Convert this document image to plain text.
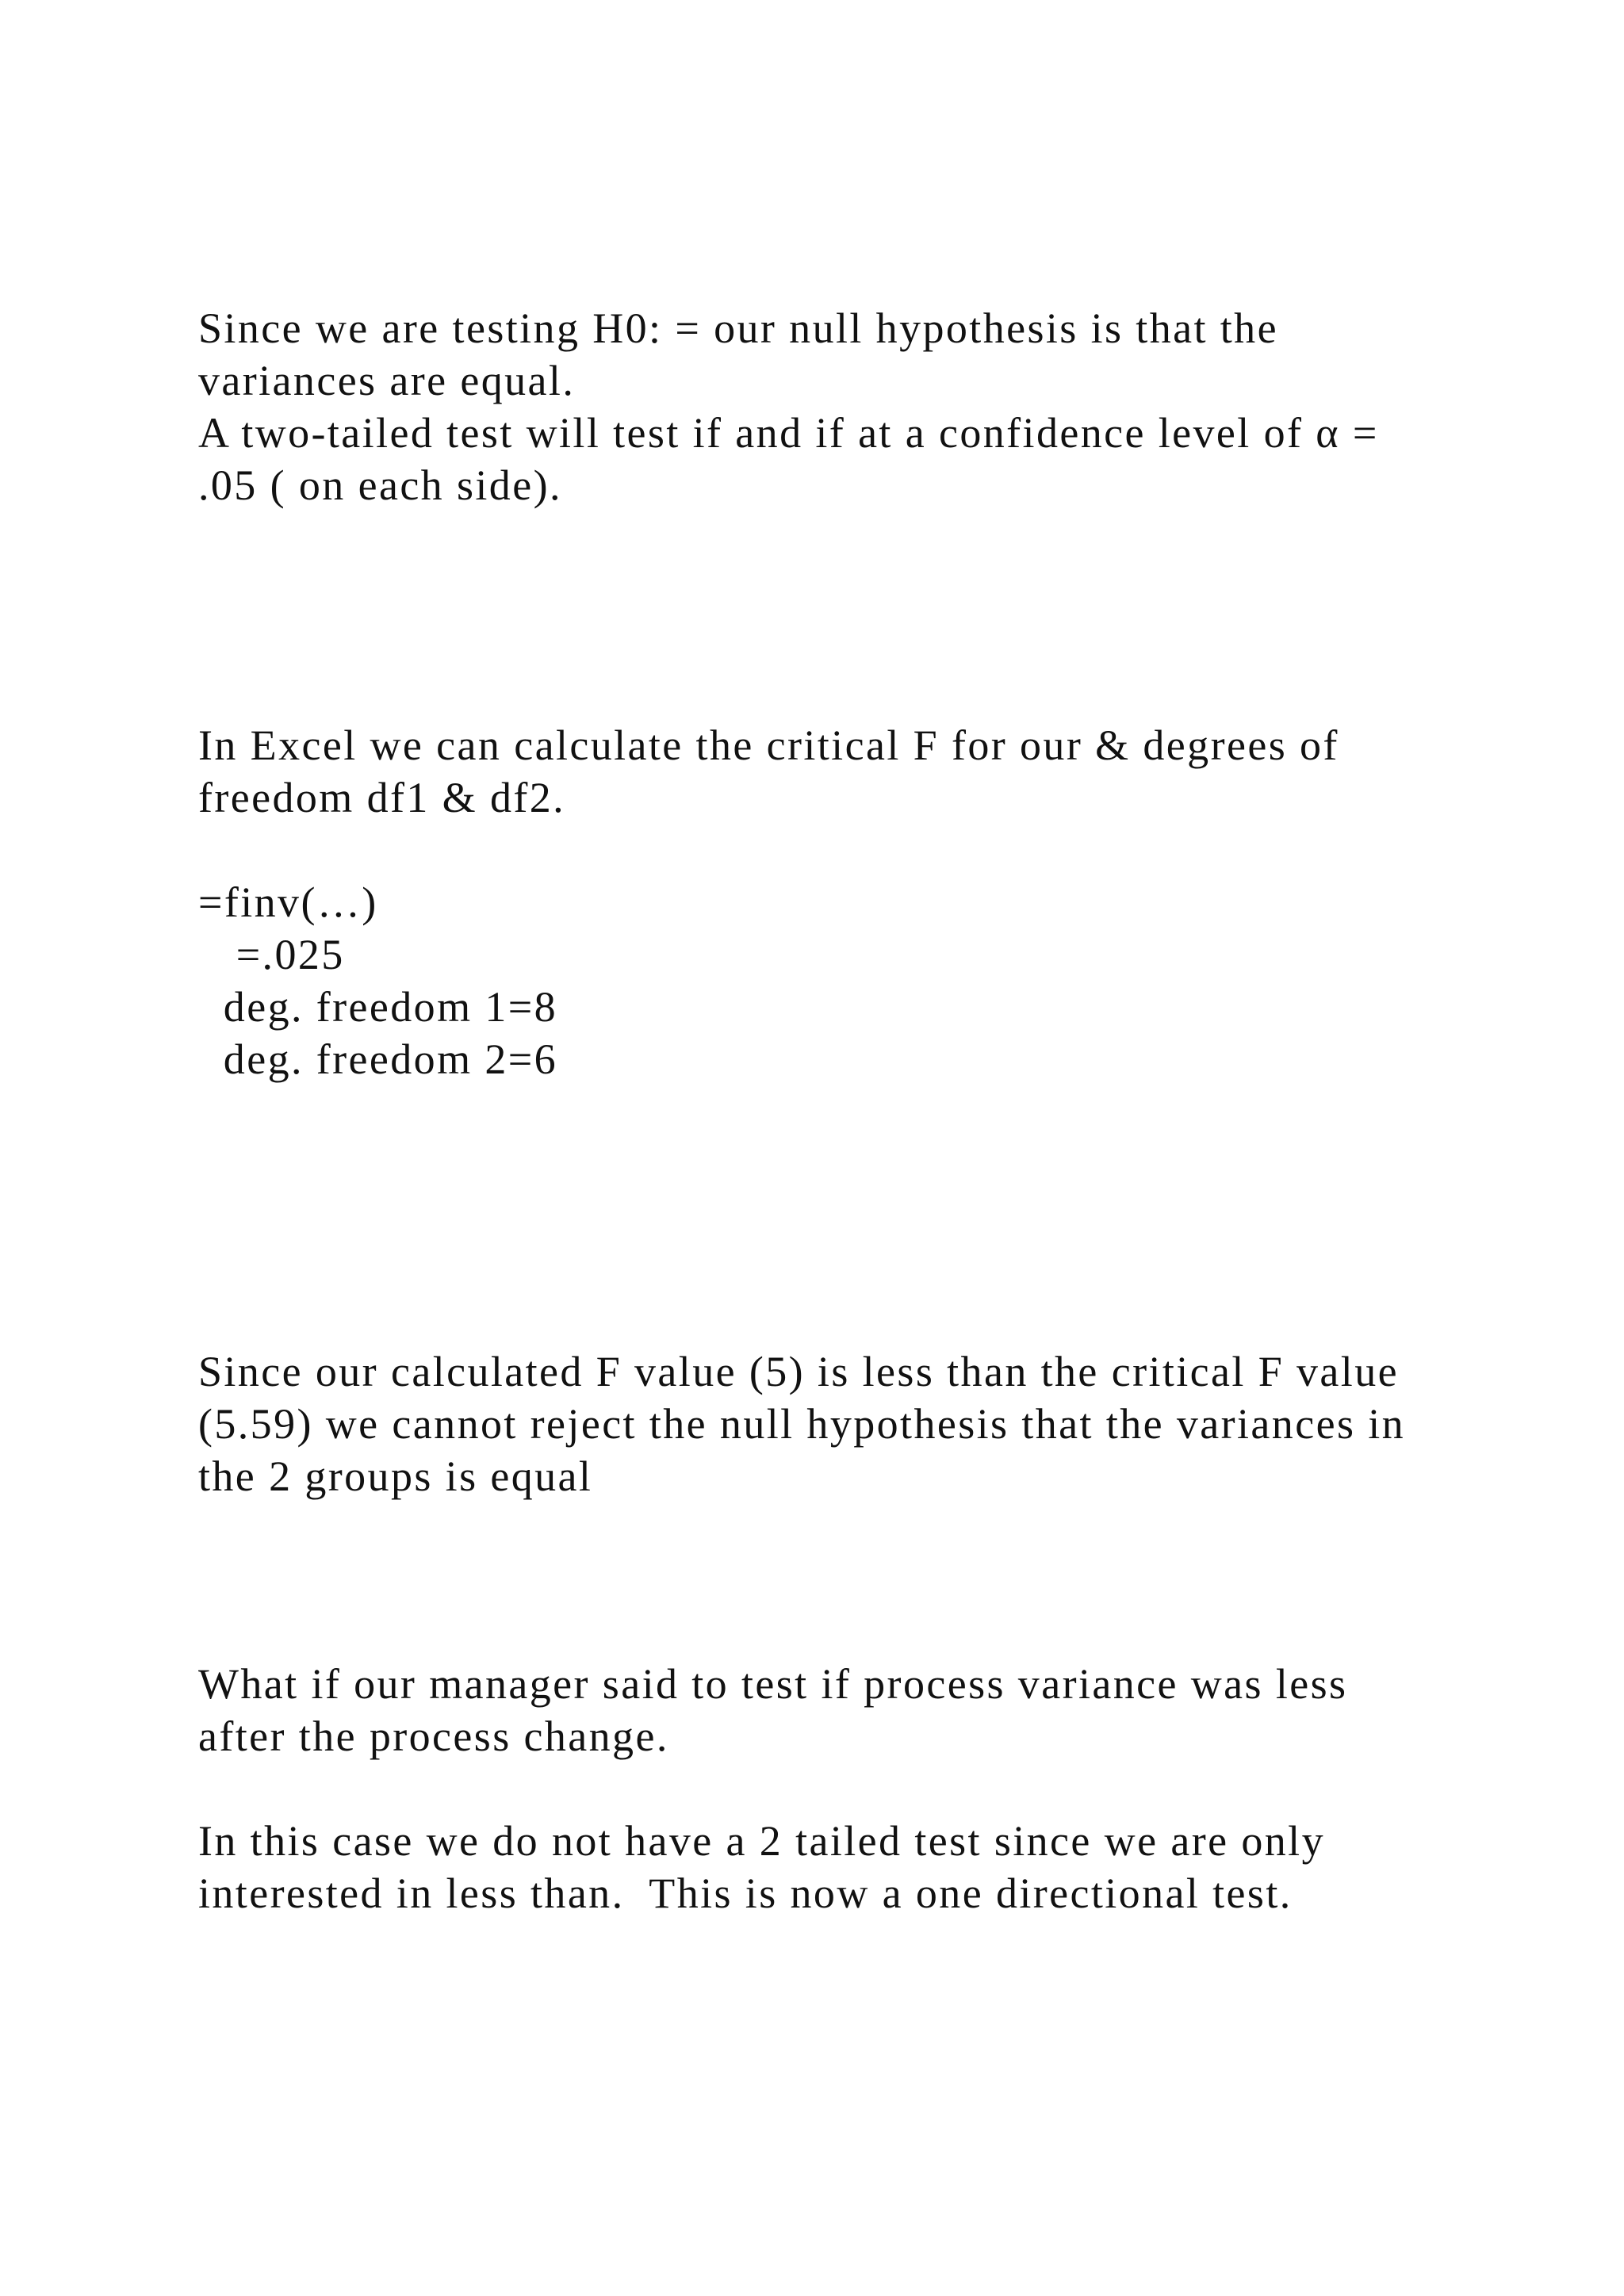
Since we are testing H0: = our null hypothesis is that the

variances are equal.

A two-tailed test will test if and if at a confidence level of α =

.05 ( on each side).

In Excel we can calculate the critical F for our & degrees of

freedom df1 & df2.

=finv(…)

=.025

deg. freedom 1=8

deg. freedom 2=6

Since our calculated F value (5) is less than the critical F value

(5.59) we cannot reject the null hypothesis that the variances in

the 2 groups is equal

What if our manager said to test if process variance was less

after the process change.

In this case we do not have a 2 tailed test since we are only

interested in less than.  This is now a one directional test.
